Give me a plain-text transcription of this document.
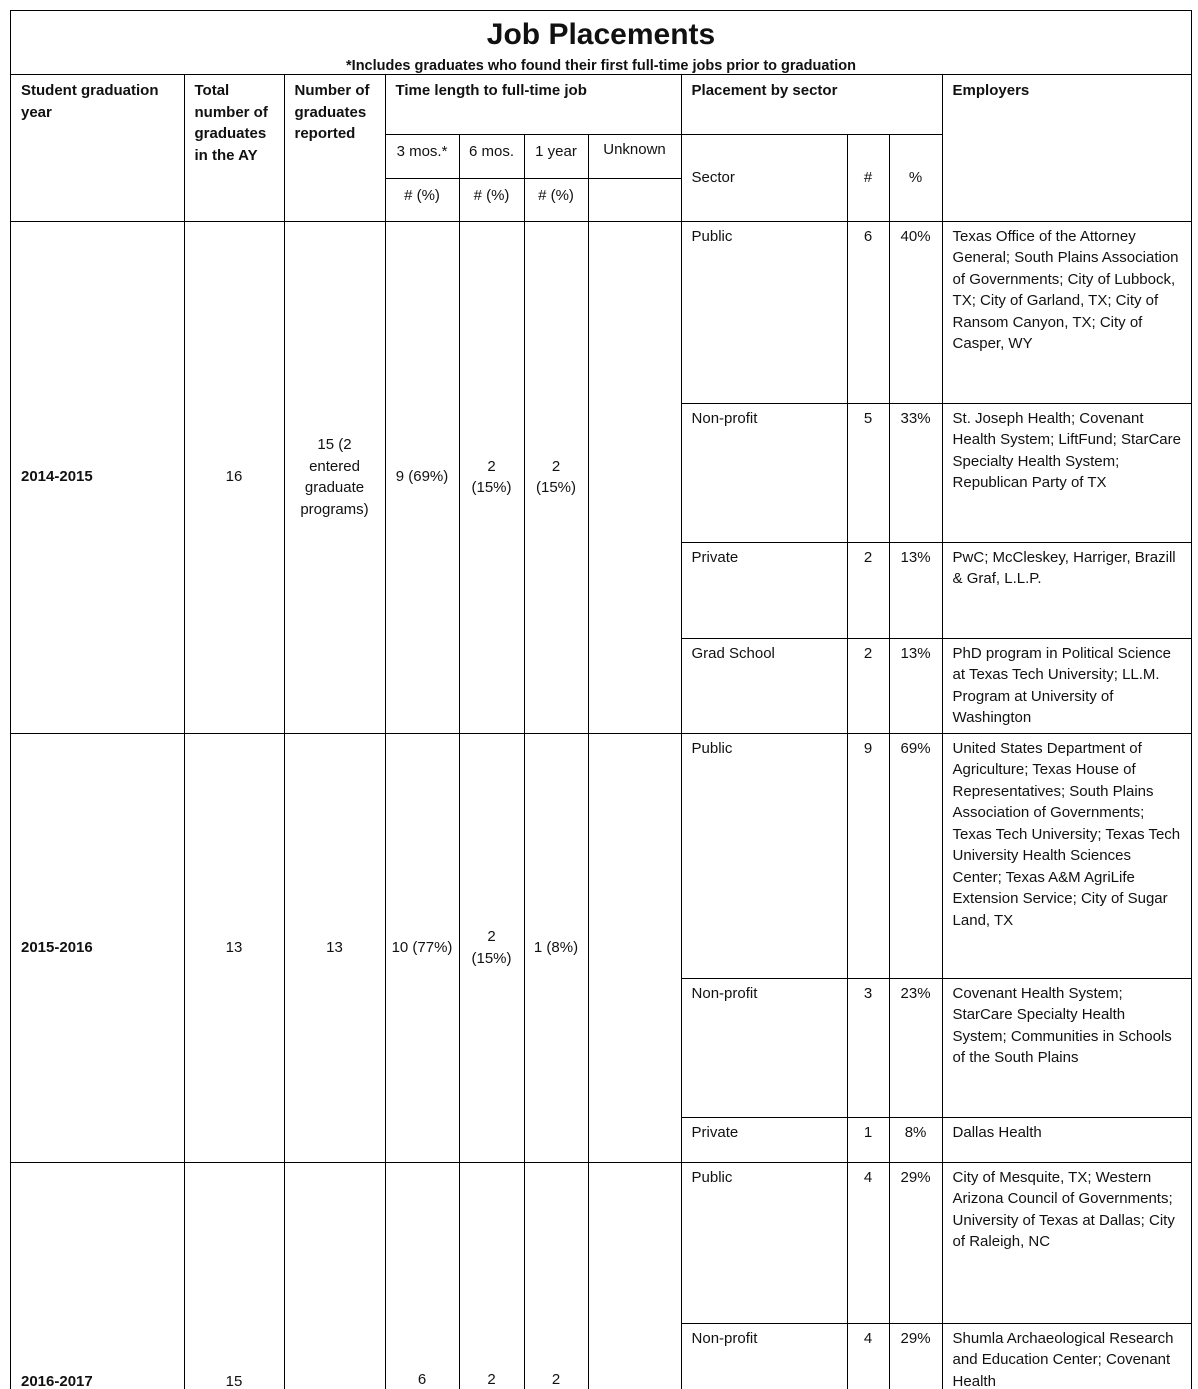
Job Placements
*Includes graduates who found their first full-time jobs prior to graduation
Student graduation year	Total number of graduates in the AY	Number of graduates reported	Time length to full-time job				Placement by sector			Employers
			3 mos.*	6 mos.	1 year	Unknown	Sector	#	%	
			# (%)	# (%)	# (%)					
2014-2015	16	15 (2 entered graduate programs)	9 (69%)	2 (15%)	2 (15%)		Public	6	40%	Texas Office of the Attorney General; South Plains Association of Governments; City of Lubbock, TX; City of Garland, TX; City of Ransom Canyon, TX; City of Casper, WY
							Non-profit	5	33%	St. Joseph Health; Covenant Health System; LiftFund; StarCare Specialty Health System; Republican Party of TX
							Private	2	13%	PwC; McCleskey, Harriger, Brazill & Graf, L.L.P.
							Grad School	2	13%	PhD program in Political Science at Texas Tech University; LL.M. Program at University of Washington
2015-2016	13	13	10 (77%)	2 (15%)	1 (8%)		Public	9	69%	United States Department of Agriculture; Texas House of Representatives; South Plains Association of Governments; Texas Tech University; Texas Tech University Health Sciences Center; Texas A&M AgriLife Extension Service; City of Sugar Land, TX
							Non-profit	3	23%	Covenant Health System; StarCare Specialty Health System; Communities in Schools of the South Plains
							Private	1	8%	Dallas Health
2016-2017	15		6	2	2		Public	4	29%	City of Mesquite, TX; Western Arizona Council of Governments; University of Texas at Dallas; City of Raleigh, NC
							Non-profit	4	29%	Shumla Archaeological Research and Education Center; Covenant Health
